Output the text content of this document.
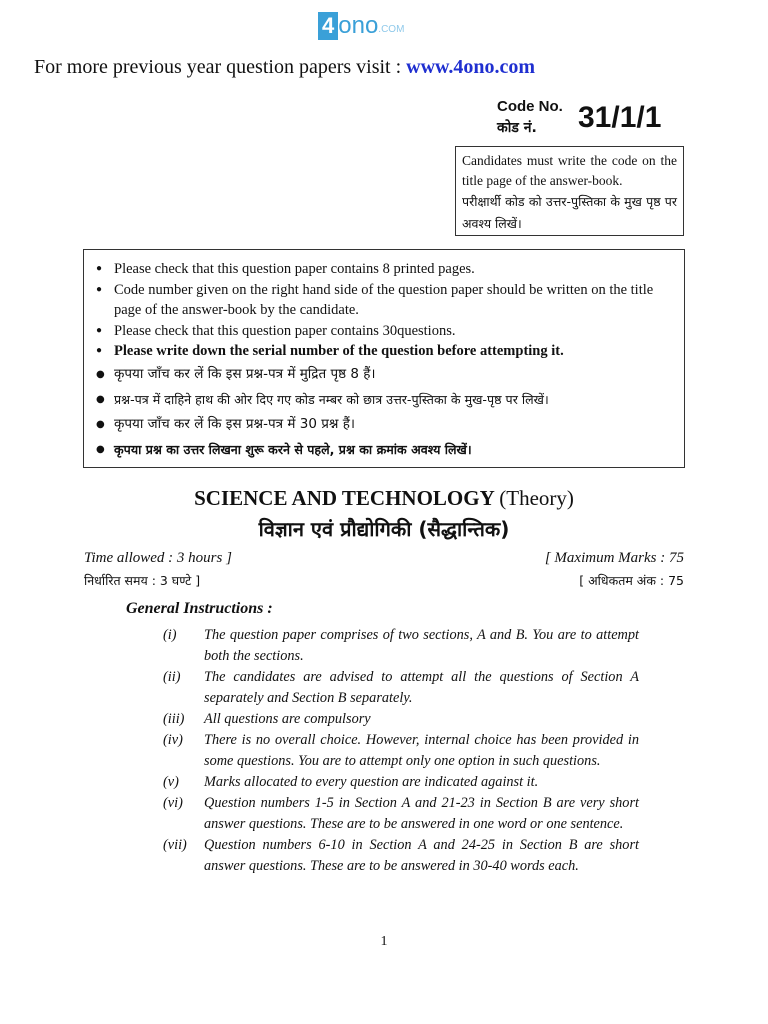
4 ono .COM
For more previous year question papers visit : www.4ono.com
Code No.
कोड नं. 31/1/1
Candidates must write the code on the title page of the answer-book.
परीक्षार्थी कोड को उत्तर-पुस्तिका के मुख पृष्ठ पर अवश्य लिखें।
● Please check that this question paper contains 8 printed pages.
● Code number given on the right hand side of the question paper should be written on the title page of the answer-book by the candidate.
● Please check that this question paper contains 30questions.
● Please write down the serial number of the question before attempting it.
● कृपया जाँच कर लें कि इस प्रश्न-पत्र में मुद्रित पृष्ठ 8 हैं।
● प्रश्न-पत्र में दाहिने हाथ की ओर दिए गए कोड नम्बर को छात्र उत्तर-पुस्तिका के मुख-पृष्ठ पर लिखें।
● कृपया जाँच कर लें कि इस प्रश्न-पत्र में 30 प्रश्न हैं।
● कृपया प्रश्न का उत्तर लिखना शुरू करने से पहले, प्रश्न का क्रमांक अवश्य लिखें।
SCIENCE AND TECHNOLOGY (Theory)
विज्ञान एवं प्रौद्योगिकी (सैद्धान्तिक)
Time allowed : 3 hours ]
निर्धारित समय : 3 घण्टे ]
[ Maximum Marks : 75
[ अधिकतम अंक : 75
General Instructions :
(i)	The question paper comprises of two sections, A and B. You are to attempt both the sections.
(ii)	The candidates are advised to attempt all the questions of Section A separately and Section B separately.
(iii)	All questions are compulsory
(iv)	There is no overall choice. However, internal choice has been provided in some questions. You are to attempt only one option in such questions.
(v)	Marks allocated to every question are indicated against it.
(vi)	Question numbers 1-5 in Section A and 21-23 in Section B are very short answer questions. These are to be answered in one word or one sentence.
(vii)	Question numbers 6-10 in Section A and 24-25 in Section B are short answer questions. These are to be answered in 30-40 words each.
1
